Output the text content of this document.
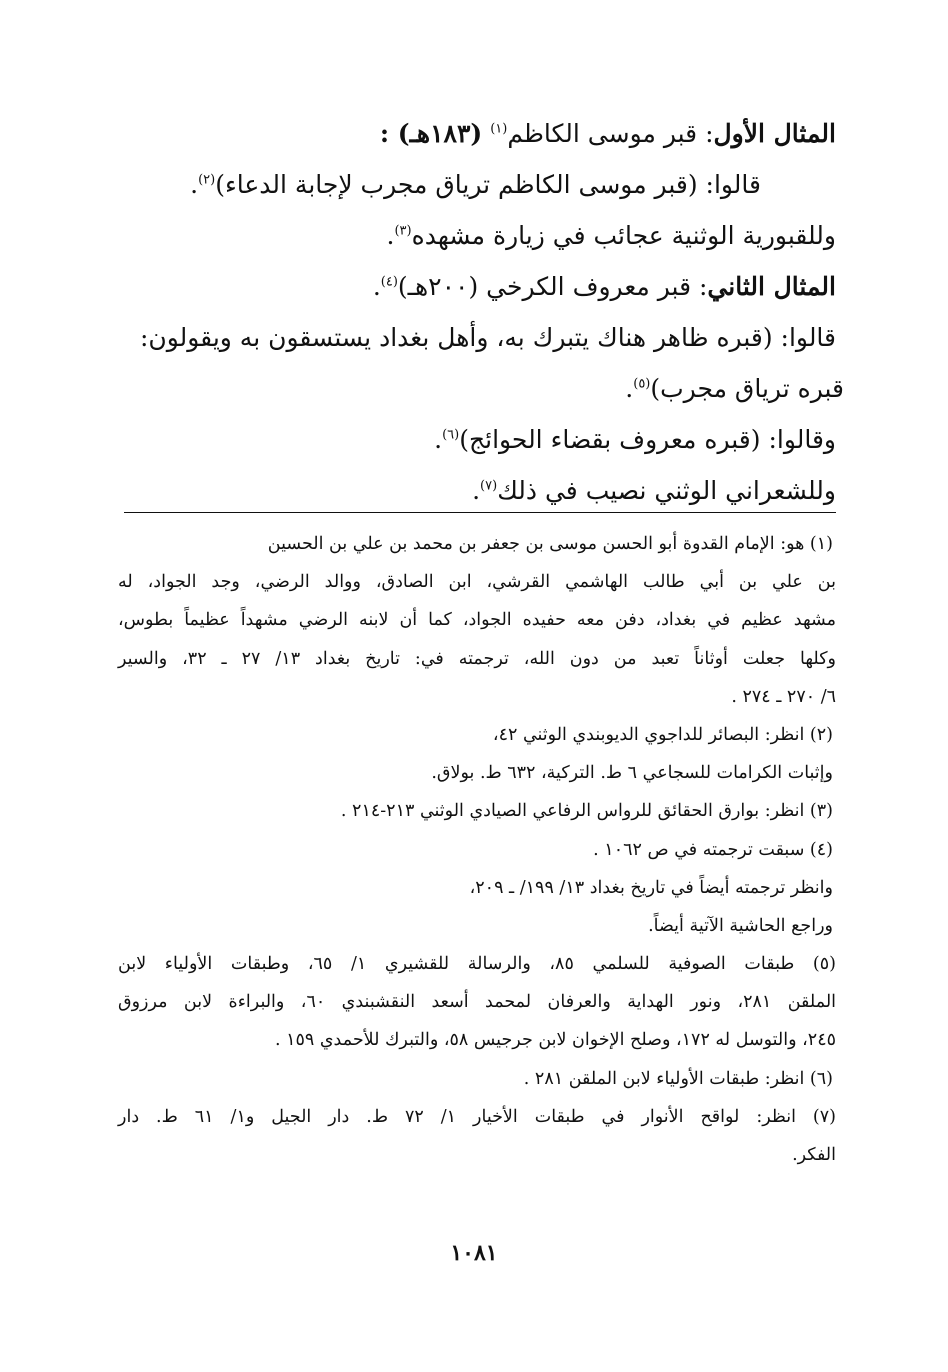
المثال الأول: قبر موسى الكاظم$^{(١)}$ (١٨٣هـ) :
قالوا: (قبر موسى الكاظم ترياق مجرب لإجابة الدعاء)$^{(٢)}$.
وللقبورية الوثنية عجائب في زيارة مشهده$^{(٣)}$.
المثال الثاني: قبر معروف الكرخي (٢٠٠هـ)$^{(٤)}$.
قالوا: (قبره ظاهر هناك يتبرك به، وأهل بغداد يستسقون به ويقولون:
قبره ترياق مجرب)$^{(٥)}$.
وقالوا: (قبره معروف بقضاء الحوائج)$^{(٦)}$.
وللشعراني الوثني نصيب في ذلك$^{(٧)}$.
(١) هو: الإمام القدوة أبو الحسن موسى بن جعفر بن محمد بن علي بن الحسين
بن علي بن أبي طالب الهاشمي القرشي، ابن الصادق، ووالد الرضي، وجد الجواد، له
مشهد عظيم في بغداد، دفن معه حفيده الجواد، كما أن لابنه الرضي مشهداً عظيماً بطوس،
وكلها جعلت أوثاناً تعبد من دون الله، ترجمته في: تاريخ بغداد ١٣/ ٢٧ ـ ٣٢، والسير
٦/ ٢٧٠ ـ ٢٧٤ .
(٢) انظر: البصائر للداجوي الديوبندي الوثني ٤٢،
وإثبات الكرامات للسجاعي ٦ ط. التركية، ٦٣٢ ط. بولاق.
(٣) انظر: بوارق الحقائق للرواس الرفاعي الصيادي الوثني ٢١٣-٢١٤ .
(٤) سبقت ترجمته في ص ١٠٦٢ .
وانظر ترجمته أيضاً في تاريخ بغداد ١٣/ ١٩٩/ ـ ٢٠٩،
وراجع الحاشية الآتية أيضاً.
(٥) طبقات الصوفية للسلمي ٨٥، والرسالة للقشيري ١/ ٦٥، وطبقات الأولياء لابن
الملقن ٢٨١، ونور الهداية والعرفان لمحمد أسعد النقشبندي ٦٠، والبراءة لابن مرزوق
٢٤٥، والتوسل له ١٧٢، وصلح الإخوان لابن جرجيس ٥٨، والتبرك للأحمدي ١٥٩ .
(٦) انظر: طبقات الأولياء لابن الملقن ٢٨١ .
(٧) انظر: لواقح الأنوار في طبقات الأخيار ١/ ٧٢ ط. دار الجيل و١/ ٦١ ط. دار
الفكر.
١٠٨١
